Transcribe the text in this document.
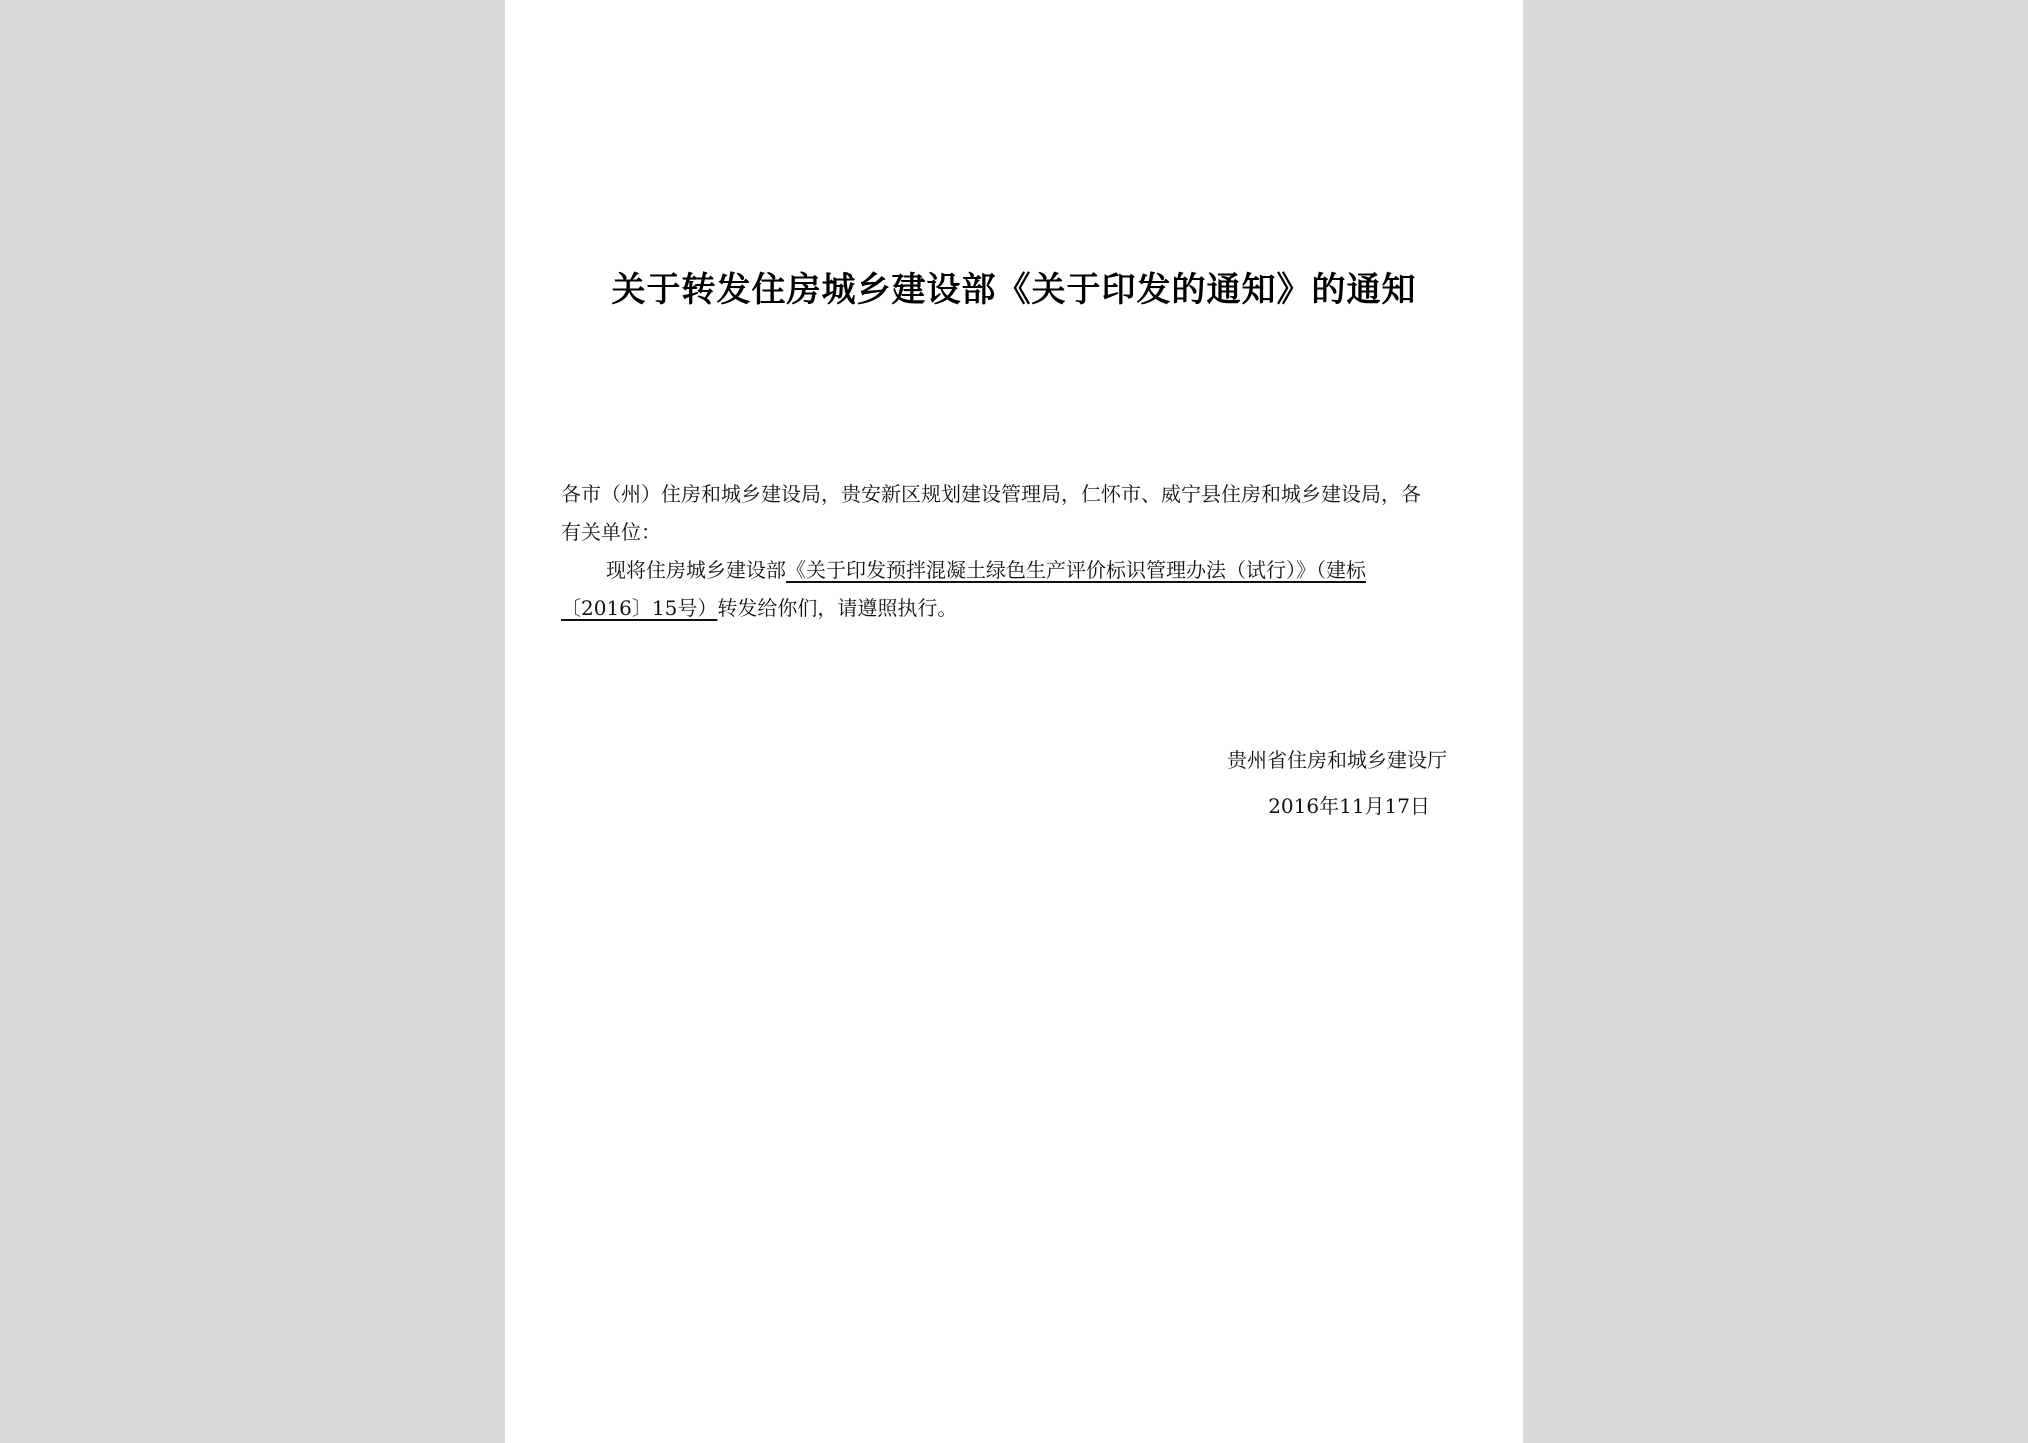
关于转发住房城乡建设部《关于印发的通知》的通知
各市（州）住房和城乡建设局，贵安新区规划建设管理局，仁怀市、威宁县住房和城乡建设局，各有关单位：
现将住房城乡建设部《关于印发预拌混凝土绿色生产评价标识管理办法（试行）》（建标〔2016〕15号）转发给你们，请遵照执行。
贵州省住房和城乡建设厅
2016年11月17日
